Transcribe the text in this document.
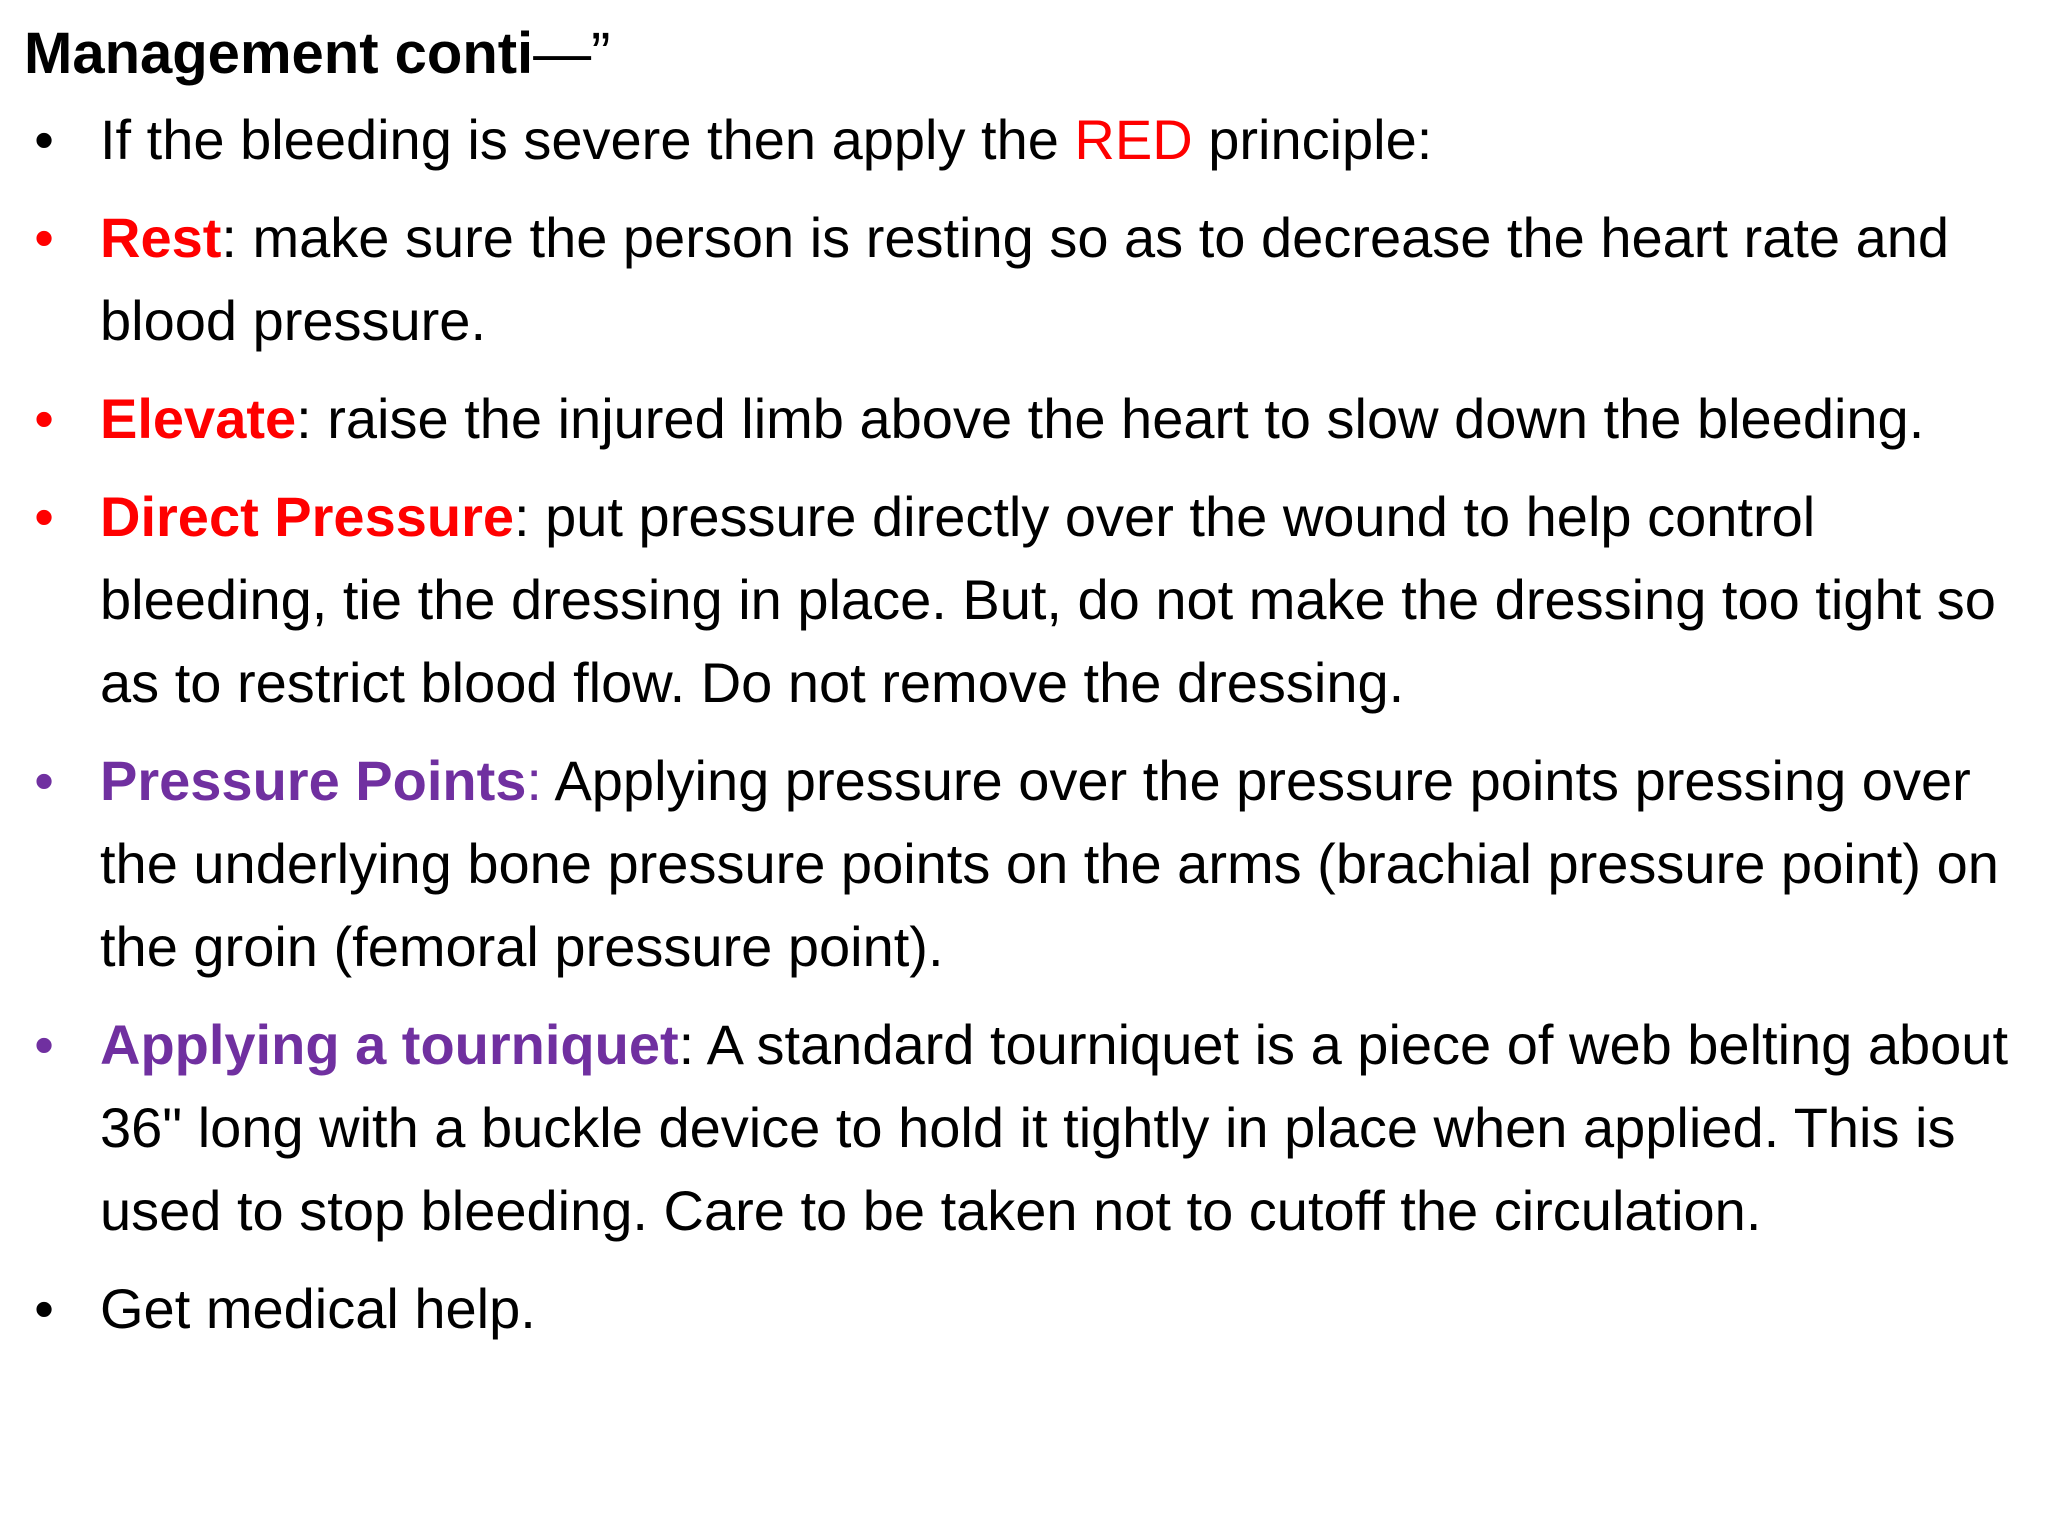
Management conti—”
• If the bleeding is severe then apply the RED principle:
• Rest: make sure the person is resting so as to decrease the heart rate and blood pressure.
• Elevate: raise the injured limb above the heart to slow down the bleeding.
• Direct Pressure: put pressure directly over the wound to help control bleeding, tie the dressing in place. But, do not make the dressing too tight so as to restrict blood flow. Do not remove the dressing.
• Pressure Points: Applying pressure over the pressure points pressing over the underlying bone pressure points on the arms (brachial pressure point) on the groin (femoral pressure point).
• Applying a tourniquet: A standard tourniquet is a piece of web belting about 36" long with a buckle device to hold it tightly in place when applied. This is used to stop bleeding. Care to be taken not to cutoff the circulation.
• Get medical help.
